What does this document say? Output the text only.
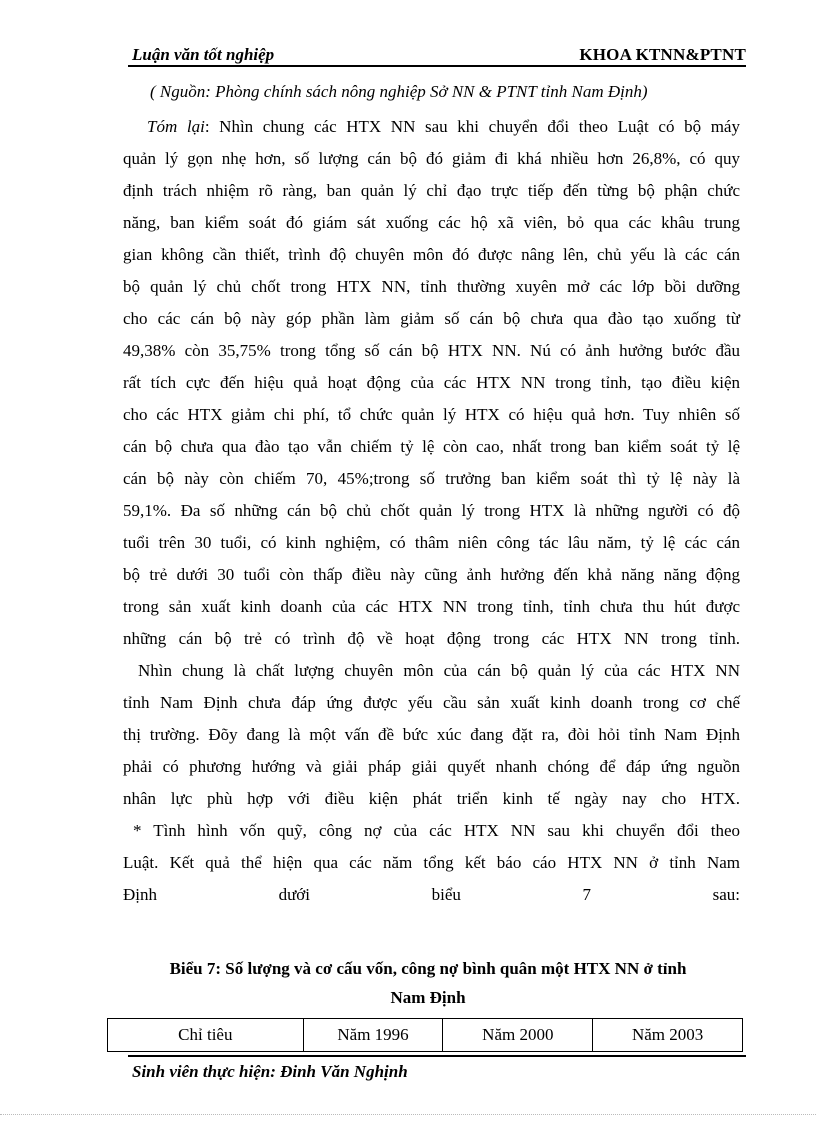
Luận văn tốt nghiệp	KHOA KTNN&PTNT
( Nguồn: Phòng chính sách nông nghiệp Sở NN & PTNT tỉnh Nam Định)
Tóm lại: Nhìn chung các HTX NN sau khi chuyển đổi theo Luật có bộ máy
quản lý gọn nhẹ hơn, số lượng cán bộ đó giảm đi khá nhiều hơn 26,8%, có quy
định trách nhiệm rõ ràng, ban quản lý chỉ đạo trực tiếp đến từng bộ phận chức
năng, ban kiểm soát đó giám sát xuống các hộ xã viên, bỏ qua các khâu trung
gian không cần thiết, trình độ chuyên môn đó được nâng lên, chủ yếu là các cán
bộ quản lý chủ chốt trong HTX NN, tỉnh thường xuyên mở các lớp bồi dưỡng
cho các cán bộ này góp phần làm giảm số cán bộ chưa qua đào tạo xuống từ
49,38% còn 35,75% trong tổng số cán bộ HTX NN. Nú có ảnh hưởng bước đầu
rất tích cực đến hiệu quả hoạt động của các HTX NN trong tỉnh, tạo điều kiện
cho các HTX giảm chi phí, tổ chức quản lý HTX có hiệu quả hơn. Tuy nhiên số
cán bộ chưa qua đào tạo vẫn chiếm tỷ lệ còn cao, nhất trong ban kiểm soát tỷ lệ
cán bộ này còn chiếm 70, 45%;trong số trưởng ban kiểm soát thì tỷ lệ này là
59,1%. Đa số những cán bộ chủ chốt quản lý trong HTX là những người có độ
tuổi trên 30 tuổi, có kinh nghiệm, có thâm niên công tác lâu năm, tỷ lệ các cán
bộ trẻ dưới 30 tuổi còn thấp điều này cũng ảnh hưởng đến khả năng năng động
trong sản xuất kinh doanh của các HTX NN trong tỉnh, tỉnh chưa thu hút được
những cán bộ trẻ có trình độ về hoạt động trong các HTX NN trong tỉnh.
Nhìn chung là chất lượng chuyên môn của cán bộ quản lý của các HTX NN
tỉnh Nam Định chưa đáp ứng được yếu cầu sản xuất kinh doanh trong cơ chế
thị trường. Đõy đang là một vấn đề bức xúc đang đặt ra, đòi hỏi tỉnh Nam Định
phải có phương hướng và giải pháp giải quyết nhanh chóng để đáp ứng nguồn
nhân lực phù hợp với điều kiện phát triển kinh tế ngày nay cho HTX.
* Tình hình vốn quỹ, công nợ của các HTX NN sau khi chuyển đổi theo
Luật. Kết quả thể hiện qua các năm tổng kết báo cáo HTX NN ở tỉnh Nam
Định	dưới	biểu	7	sau:
Biểu 7: Số lượng và cơ cấu vốn, công nợ bình quân một HTX NN ở tỉnh
Nam Định
Chỉ tiêu	Năm 1996	Năm 2000	Năm 2003
Sinh viên thực hiện: Đinh Văn Nghịnh
